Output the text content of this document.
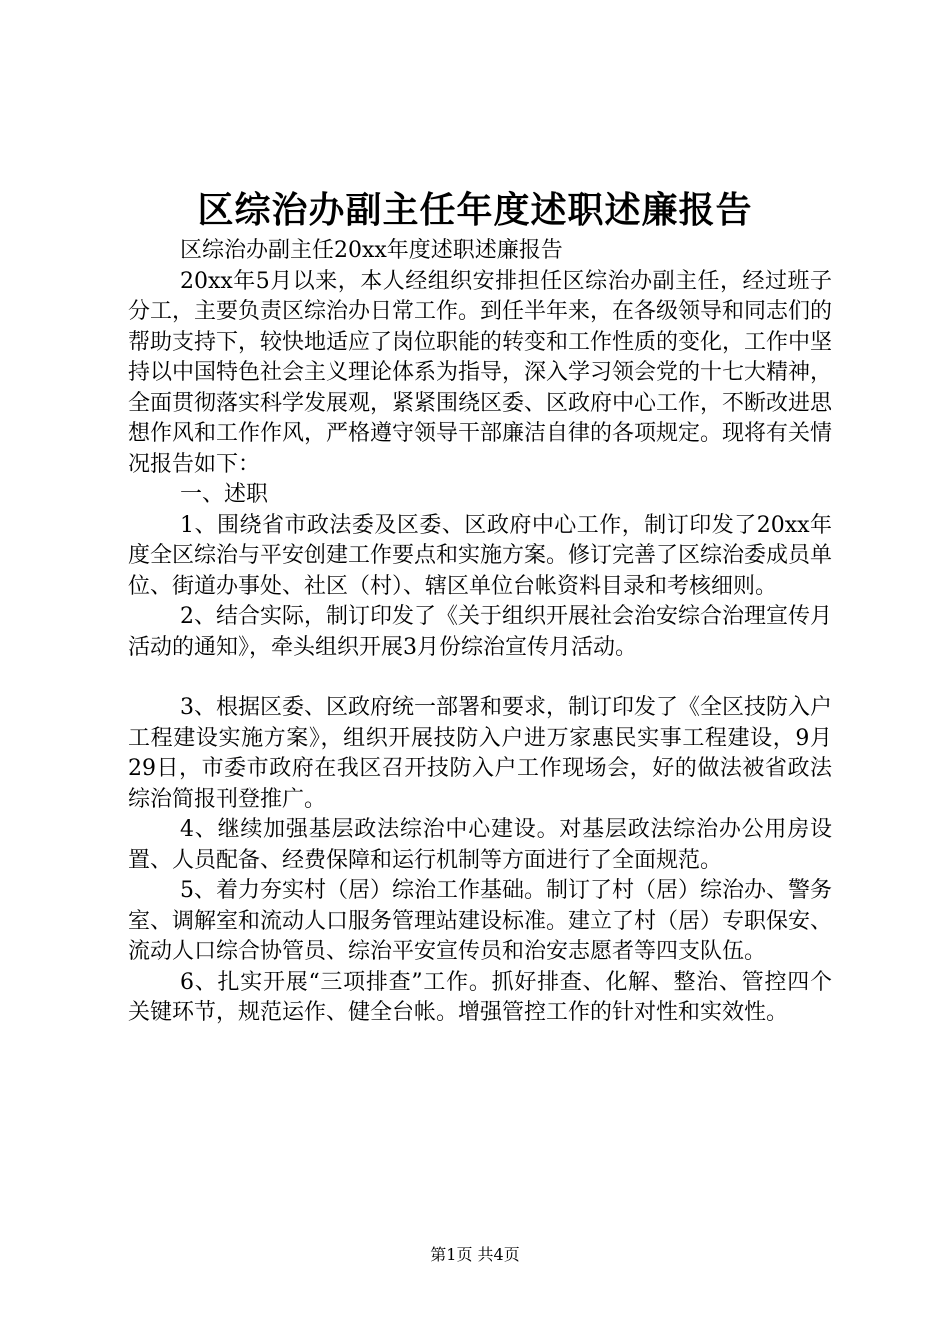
区综治办副主任年度述职述廉报告

区综治办副主任20xx年度述职述廉报告

20xx年5月以来，本人经组织安排担任区综治办副主任，经过班子分工，主要负责区综治办日常工作。到任半年来，在各级领导和同志们的帮助支持下，较快地适应了岗位职能的转变和工作性质的变化，工作中坚持以中国特色社会主义理论体系为指导，深入学习领会党的十七大精神，全面贯彻落实科学发展观，紧紧围绕区委、区政府中心工作，不断改进思想作风和工作作风，严格遵守领导干部廉洁自律的各项规定。现将有关情况报告如下：

一、述职

1、围绕省市政法委及区委、区政府中心工作，制订印发了20xx年度全区综治与平安创建工作要点和实施方案。修订完善了区综治委成员单位、街道办事处、社区（村）、辖区单位台帐资料目录和考核细则。

2、结合实际，制订印发了《关于组织开展社会治安综合治理宣传月活动的通知》，牵头组织开展3月份综治宣传月活动。

3、根据区委、区政府统一部署和要求，制订印发了《全区技防入户工程建设实施方案》，组织开展技防入户进万家惠民实事工程建设，9月29日，市委市政府在我区召开技防入户工作现场会，好的做法被省政法综治简报刊登推广。

4、继续加强基层政法综治中心建设。对基层政法综治办公用房设置、人员配备、经费保障和运行机制等方面进行了全面规范。

5、着力夯实村（居）综治工作基础。制订了村（居）综治办、警务室、调解室和流动人口服务管理站建设标准。建立了村（居）专职保安、流动人口综合协管员、综治平安宣传员和治安志愿者等四支队伍。

6、扎实开展“三项排查”工作。抓好排查、化解、整治、管控四个关键环节，规范运作、健全台帐。增强管控工作的针对性和实效性。

第1页 共4页
